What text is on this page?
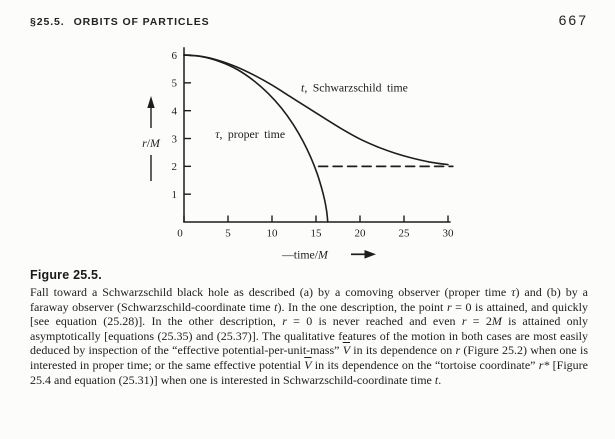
§25.5. ORBITS OF PARTICLES	667
1
2
3
4
5
6
0	5	10	15	20	25	30
t, Schwarzschild time
τ, proper time
r/M
—time/M
Figure 25.5.

Fall toward a Schwarzschild black hole as described (a) by a comoving observer (proper time τ) and (b) by a faraway observer (Schwarzschild-coordinate time t). In the one description, the point r = 0 is attained, and quickly [see equation (25.28)]. In the other description, r = 0 is never reached and even r = 2M is attained only asymptotically [equations (25.35) and (25.37)]. The qualitative features of the motion in both cases are most easily deduced by inspection of the “effective potential-per-unit-mass” $\overline{V}$ in its dependence on r (Figure 25.2) when one is interested in proper time; or the same effective potential $\overline{V}$ in its dependence on the “tortoise coordinate” r* [Figure 25.4 and equation (25.31)] when one is interested in Schwarzschild-coordinate time t.
